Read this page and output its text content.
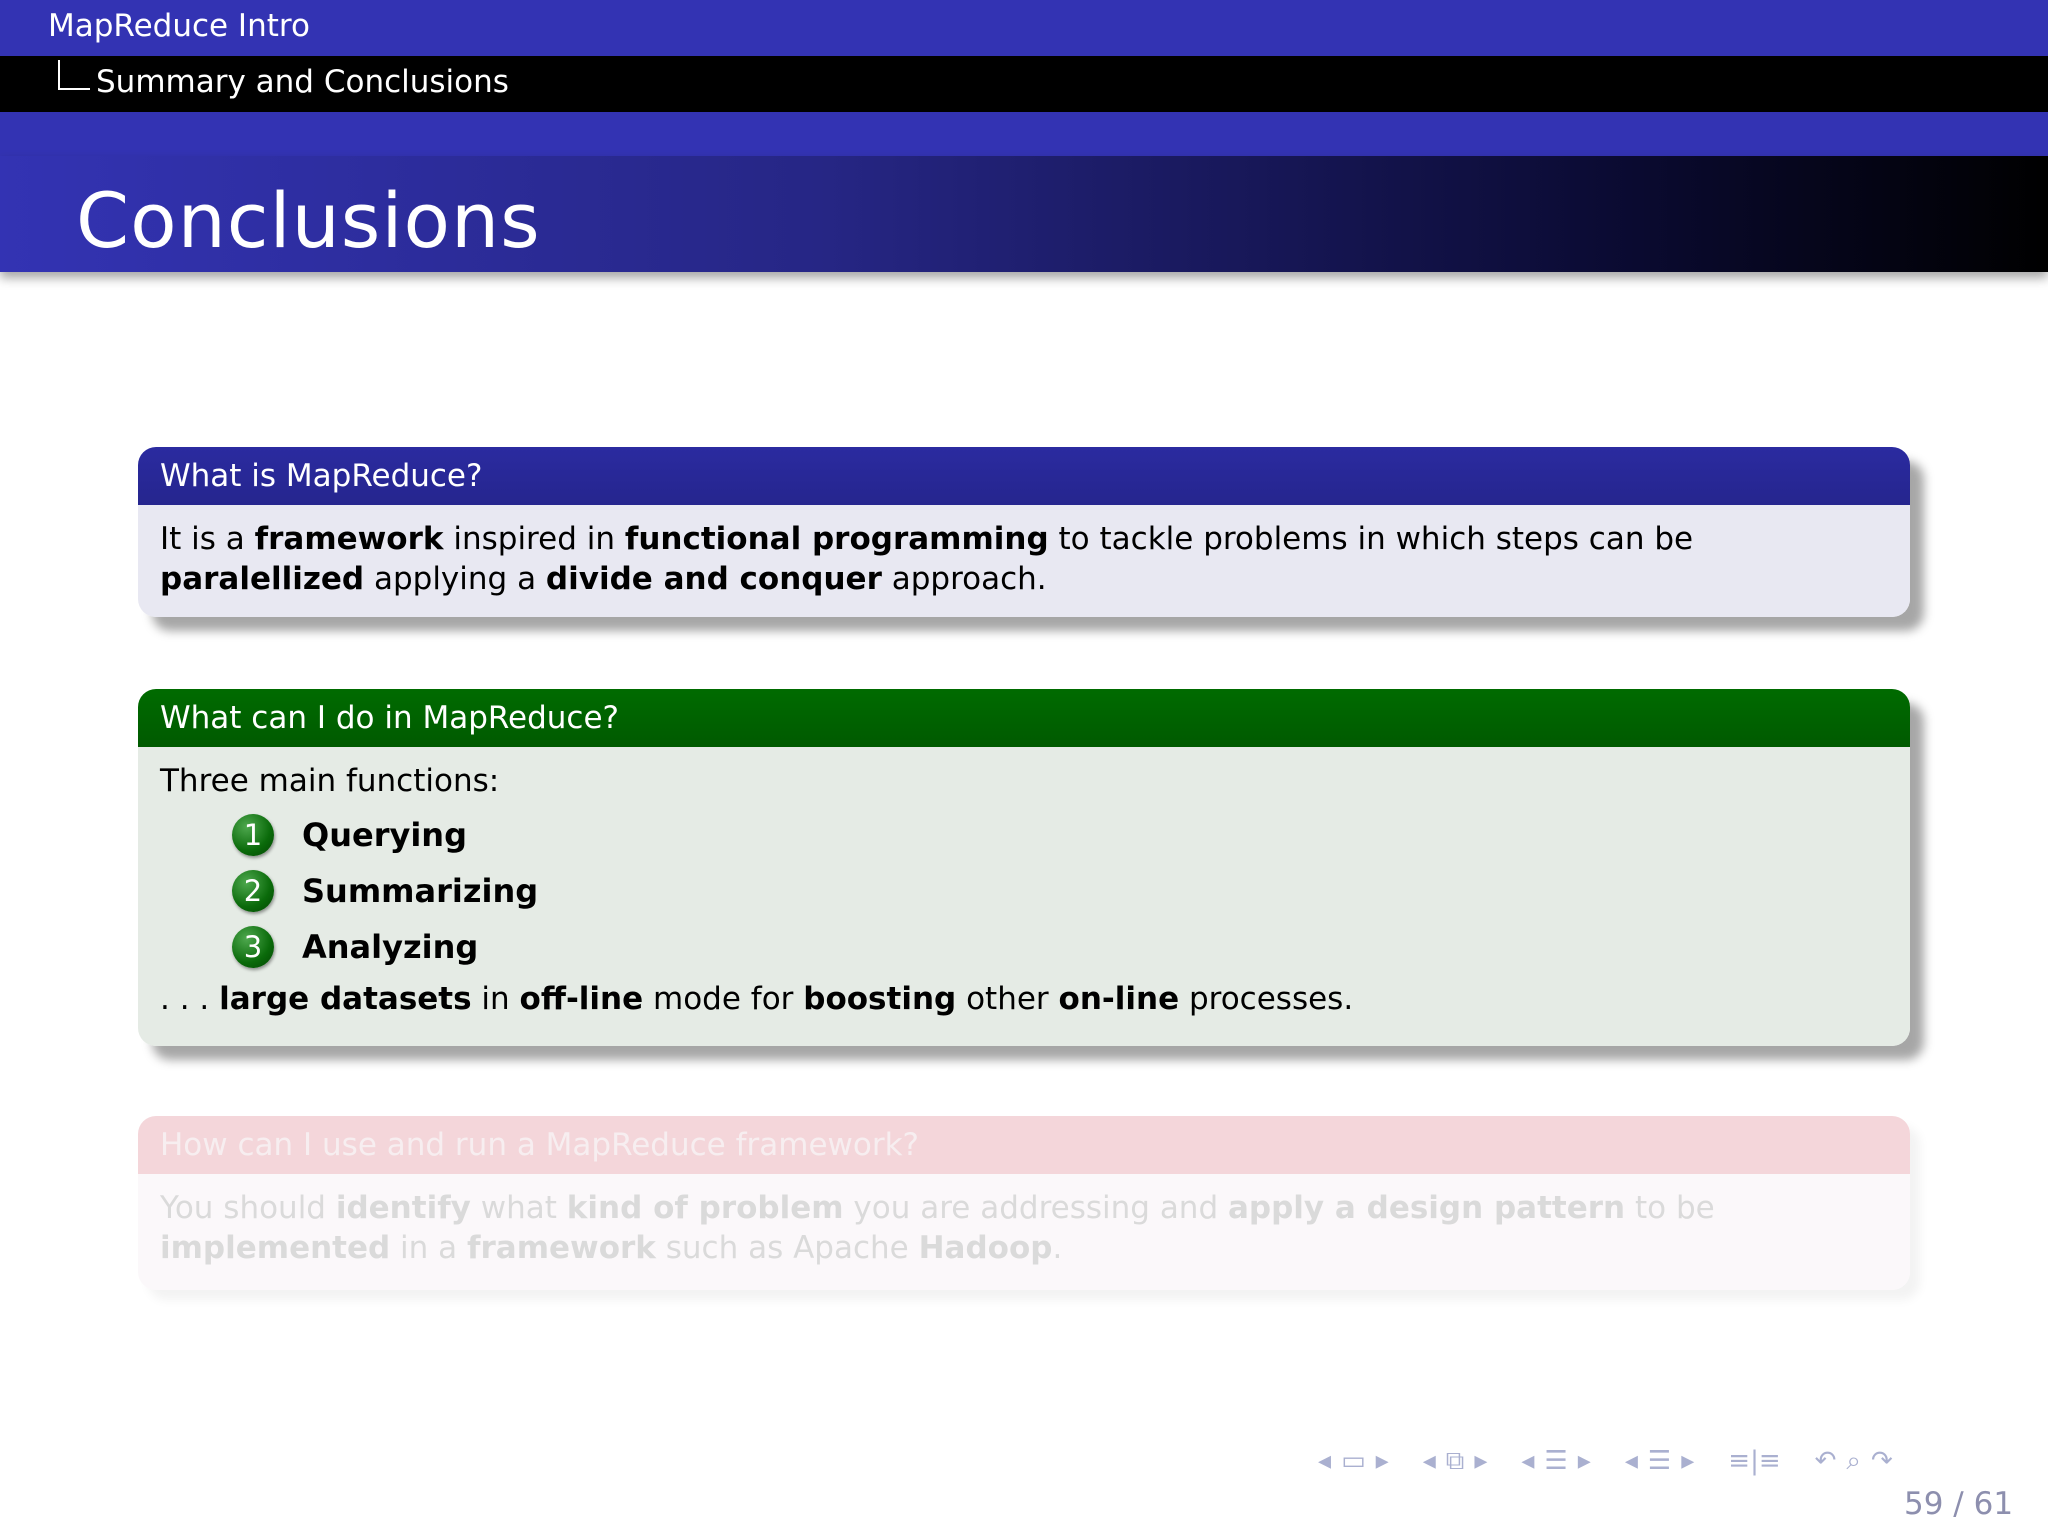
MapReduce Intro
Summary and Conclusions
Conclusions
What is MapReduce?
It is a framework inspired in functional programming to tackle problems in which steps can be paralellized applying a divide and conquer approach.
What can I do in MapReduce?
Three main functions:
1	Querying
2	Summarizing
3	Analyzing
. . . large datasets in off-line mode for boosting other on-line processes.
How can I use and run a MapReduce framework?
You should identify what kind of problem you are addressing and apply a design pattern to be implemented in a framework such as Apache Hadoop.
◂ ▭ ▸ ◂ ⧉ ▸ ◂ ☰ ▸ ◂ ☰ ▸ ≡|≡ ↶ ⌕ ↷
59 / 61
